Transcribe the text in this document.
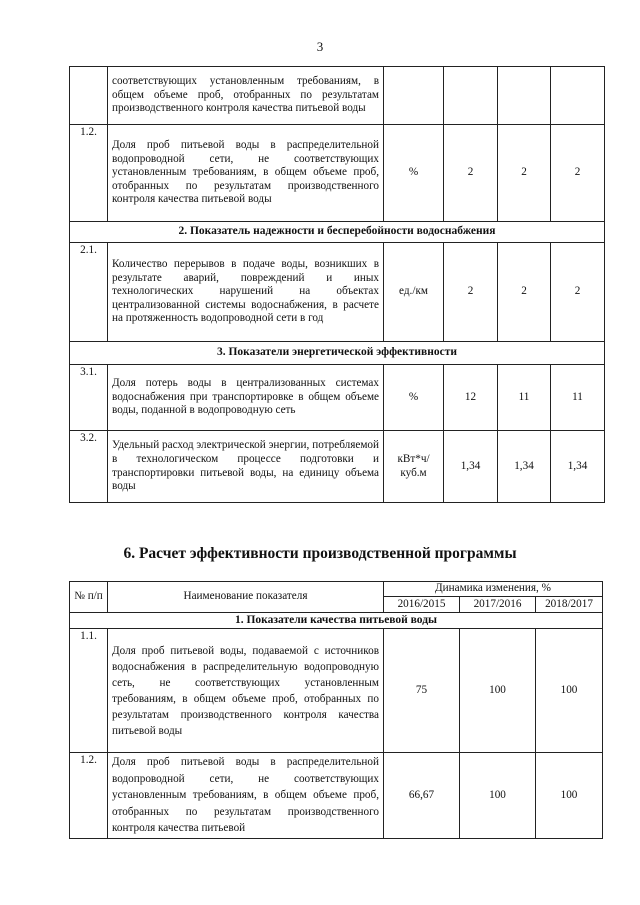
3
	соответствующих установленным требованиям, в общем объеме проб, отобранных по результатам производственного контроля качества питьевой воды				
1.2.	Доля проб питьевой воды в распределительной водопроводной сети, не соответствующих установленным требованиям, в общем объеме проб, отобранных по результатам производственного контроля качества питьевой воды	%	2	2	2
2. Показатель надежности и бесперебойности водоснабжения					
2.1.	Количество перерывов в подаче воды, возникших в результате аварий, повреждений и иных технологических нарушений на объектах централизованной системы водоснабжения, в расчете на протяженность водопроводной сети в год	ед./км	2	2	2
3. Показатели энергетической эффективности					
3.1.	Доля потерь воды в централизованных системах водоснабжения при транспортировке в общем объеме воды, поданной в водопроводную сеть	%	12	11	11
3.2.	Удельный расход электрической энергии, потребляемой в технологическом процессе подготовки и транспортировки питьевой воды, на единицу объема воды	кВт*ч/ куб.м	1,34	1,34	1,34
6. Расчет эффективности производственной программы
№ п/п	Наименование показателя	Динамика изменения, %		
		2016/2015	2017/2016	2018/2017
1. Показатели качества питьевой воды				
1.1.	Доля проб питьевой воды, подаваемой с источников водоснабжения в распределительную водопроводную сеть, не соответствующих установленным требованиям, в общем объеме проб, отобранных по результатам производственного контроля качества питьевой воды	75	100	100
1.2.	Доля проб питьевой воды в распределительной водопроводной сети, не соответствующих установленным требованиям, в общем объеме проб, отобранных по результатам производственного контроля качества питьевой	66,67	100	100
